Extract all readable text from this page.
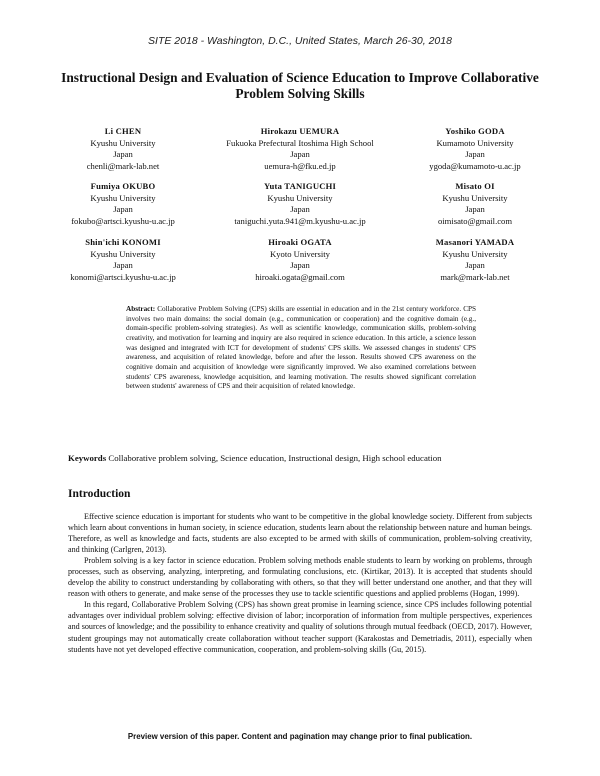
SITE 2018 - Washington, D.C., United States, March 26-30, 2018
Instructional Design and Evaluation of Science Education to Improve Collaborative Problem Solving Skills
Li CHEN
Kyushu University
Japan
chenli@mark-lab.net
Hirokazu UEMURA
Fukuoka Prefectural Itoshima High School
Japan
uemura-h@fku.ed.jp
Yoshiko GODA
Kumamoto University
Japan
ygoda@kumamoto-u.ac.jp
Fumiya OKUBO
Kyushu University
Japan
fokubo@artsci.kyushu-u.ac.jp
Yuta TANIGUCHI
Kyushu University
Japan
taniguchi.yuta.941@m.kyushu-u.ac.jp
Misato OI
Kyushu University
Japan
oimisato@gmail.com
Shin'ichi KONOMI
Kyushu University
Japan
konomi@artsci.kyushu-u.ac.jp
Hiroaki OGATA
Kyoto University
Japan
hiroaki.ogata@gmail.com
Masanori YAMADA
Kyushu University
Japan
mark@mark-lab.net
Abstract: Collaborative Problem Solving (CPS) skills are essential in education and in the 21st century workforce. CPS involves two main domains: the social domain (e.g., communication or cooperation) and the cognitive domain (e.g., domain-specific problem-solving strategies). As well as scientific knowledge, communication skills, problem-solving creativity, and motivation for learning and inquiry are also required in science education. In this article, a science lesson was designed and integrated with ICT for development of students' CPS skills. We assessed changes in students' CPS awareness, and acquisition of related knowledge, before and after the lesson. Results showed CPS awareness on the cognitive domain and acquisition of knowledge were significantly improved. We also examined correlations between students' CPS awareness, knowledge acquisition, and learning motivation. The results showed significant correlation between students' awareness of CPS and their acquisition of related knowledge.
Keywords Collaborative problem solving, Science education, Instructional design, High school education
Introduction

Effective science education is important for students who want to be competitive in the global knowledge society. Different from subjects which learn about conventions in human society, in science education, students learn about the relationship between nature and human beings. Therefore, as well as knowledge and facts, students are also excepted to be armed with skills of communication, problem-solving creativity, and thinking (Carlgren, 2013).

Problem solving is a key factor in science education. Problem solving methods enable students to learn by working on problems, through processes, such as observing, analyzing, interpreting, and formulating conclusions, etc. (Kirtikar, 2013). It is accepted that students should develop the ability to construct understanding by collaborating with others, so that they will better understand one another, and that they will reason with others to generate, and make sense of the processes they use to tackle scientific questions and applied problems (Hogan, 1999).

In this regard, Collaborative Problem Solving (CPS) has shown great promise in learning science, since CPS includes following potential advantages over individual problem solving: effective division of labor; incorporation of information from multiple perspectives, experiences and sources of knowledge; and the possibility to enhance creativity and quality of solutions through mutual feedback (OECD, 2017). However, student groupings may not automatically create collaboration without teacher support (Karakostas and Demetriadis, 2011), especially when students have not yet developed effective communication, cooperation, and problem-solving skills (Gu, 2015).

Preview version of this paper. Content and pagination may change prior to final publication.
